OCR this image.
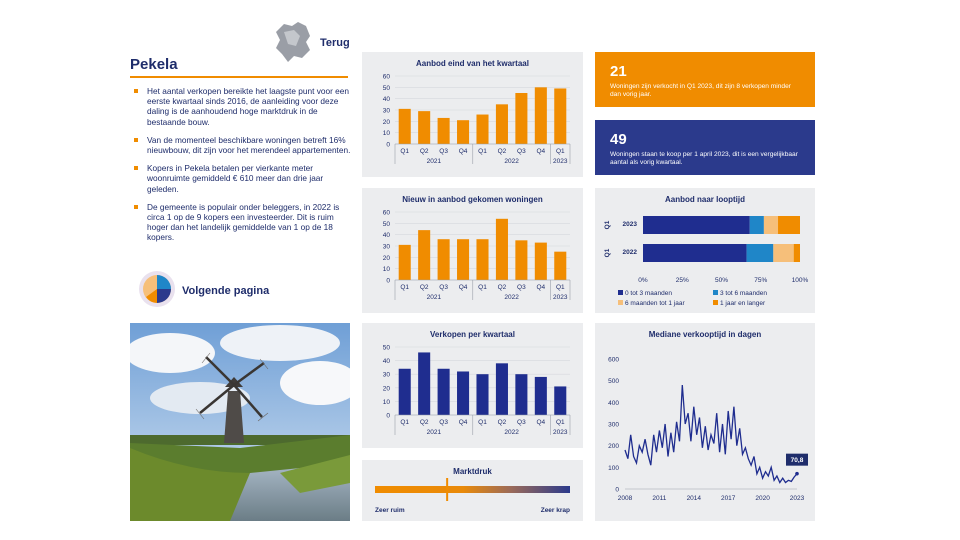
Terug
Pekela
Het aantal verkopen bereikte het laagste punt voor een eerste kwartaal sinds 2016, de aanleiding voor deze daling is de aanhoudend hoge marktdruk in de bestaande bouw.
Van de momenteel beschikbare woningen betreft 16% nieuwbouw, dit zijn voor het merendeel appartementen.
Kopers in Pekela betalen per vierkante meter woonruimte gemiddeld € 610 meer dan drie jaar geleden.
De gemeente is populair onder beleggers, in 2022 is circa 1 op de 9 kopers een investeerder. Dit is ruim hoger dan het landelijk gemiddelde van 1 op de 18 kopers.
Volgende pagina
Aanbod eind van het kwartaal
0
10
20
30
40
50
60
Q1 Q2 Q3 Q4 Q1 Q2 Q3 Q4 Q1
2021	2022	2023
Nieuw in aanbod gekomen woningen
0
10
20
30
40
50
60
Q1 Q2 Q3 Q4 Q1 Q2 Q3 Q4 Q1
2021	2022	2023
Verkopen per kwartaal
0
10
20
30
40
50
Q1 Q2 Q3 Q4 Q1 Q2 Q3 Q4 Q1
2021	2022	2023
Marktdruk
Zeer ruim	Zeer krap
21
Woningen zijn verkocht in Q1 2023, dit zijn 8 verkopen minder dan vorig jaar.
49
Woningen staan te koop per 1 april 2023, dit is een vergelijkbaar aantal als vorig kwartaal.
Aanbod naar looptijd
2023
Q1
2022
Q1
0%	25%	50%	75%	100%
0 tot 3 maanden	3 tot 6 maanden
6 maanden tot 1 jaar	1 jaar en langer
Mediane verkooptijd in dagen
0
100
200
300
400
500
600
2008	2011	2014	2017	2020	2023
70,8
